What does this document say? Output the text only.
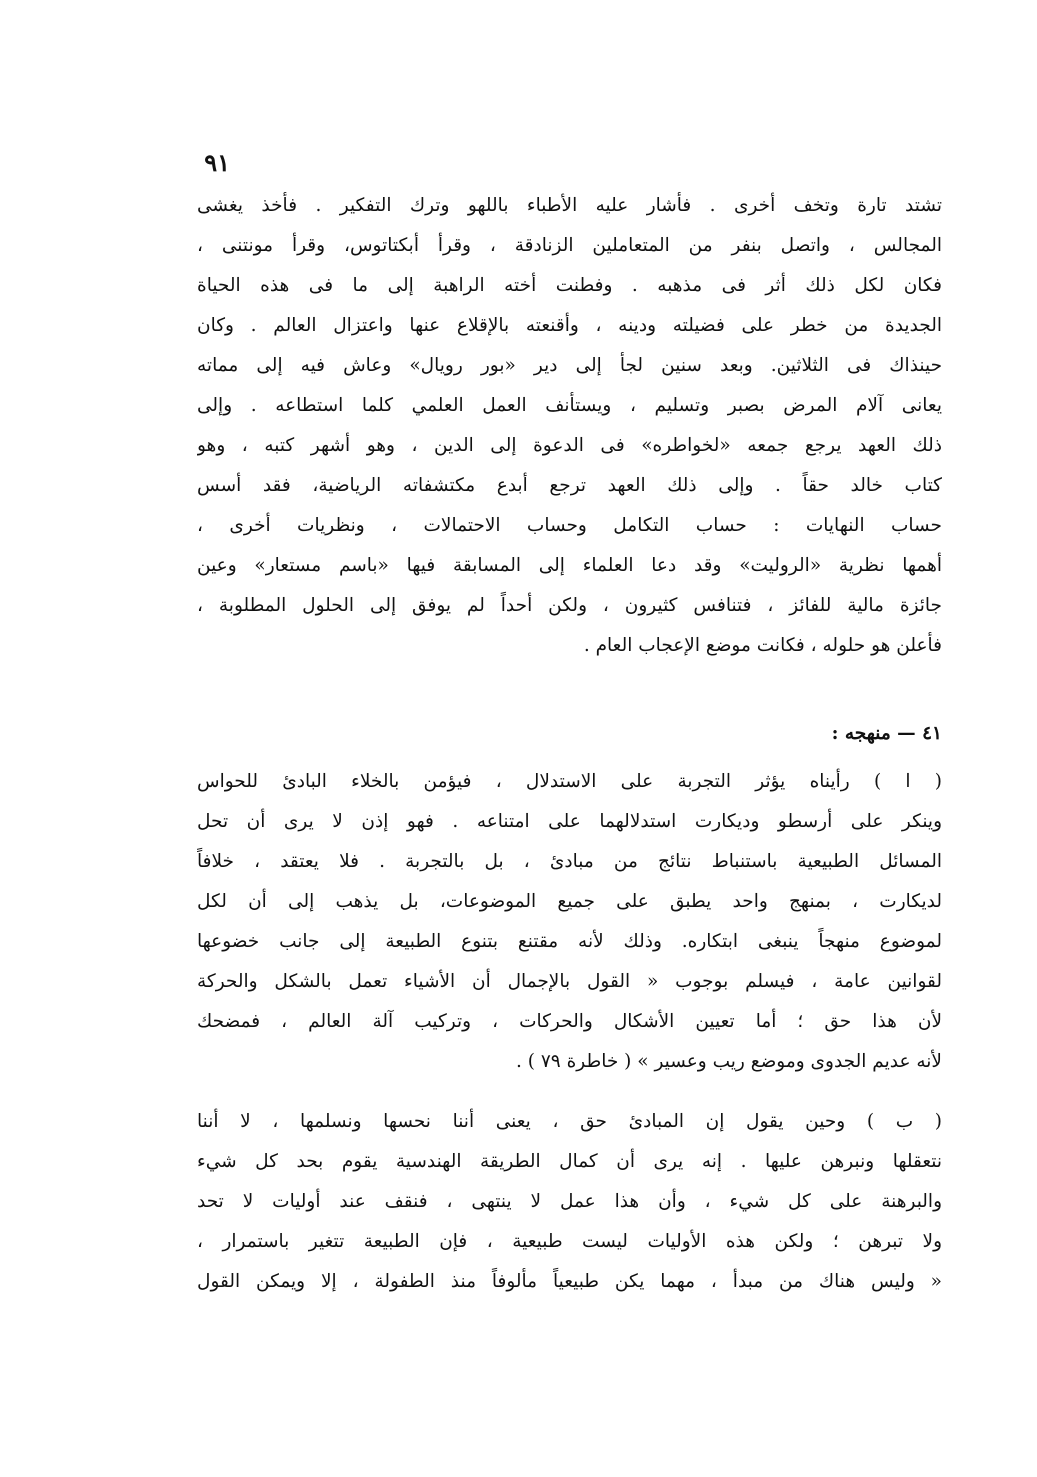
٩١
تشتد تارة وتخف أخرى . فأشار عليه الأطباء باللهو وترك التفكير . فأخذ يغشى
المجالس ، واتصل بنفر من المتعاملين الزنادقة ، وقرأ أبكتاتوس، وقرأ مونتنى ،
فكان لكل ذلك أثر فى مذهبه . وفطنت أخته الراهبة إلى ما فى هذه الحياة
الجديدة من خطر على فضيلته ودينه ، وأقنعته بالإقلاع عنها واعتزال العالم . وكان
حينذاك فى الثلاثين. وبعد سنين لجأ إلى دير «بور رويال» وعاش فيه إلى مماته
يعانى آلام المرض بصبر وتسليم ، ويستأنف العمل العلمي كلما استطاعه . وإلى
ذلك العهد يرجع جمعه «لخواطره» فى الدعوة إلى الدين ، وهو أشهر كتبه ، وهو
كتاب خالد حقاً . وإلى ذلك العهد ترجع أبدع مكتشفاته الرياضية، فقد أسس
حساب النهايات : حساب التكامل وحساب الاحتمالات ، ونظريات أخرى ،
أهمها نظرية «الروليت» وقد دعا العلماء إلى المسابقة فيها «باسم مستعار» وعين
جائزة مالية للفائز ، فتنافس كثيرون ، ولكن أحداً لم يوفق إلى الحلول المطلوبة ،
فأعلن هو حلوله ، فكانت موضع الإعجاب العام .
٤١ — منهجه :
( ا ) رأيناه يؤثر التجربة على الاستدلال ، فيؤمن بالخلاء البادئ للحواس
وينكر على أرسطو وديكارت استدلالهما على امتناعه . فهو إذن لا يرى أن تحل
المسائل الطبيعية باستنباط نتائج من مبادئ ، بل بالتجربة . فلا يعتقد ، خلافاً
لديكارت ، بمنهج واحد يطبق على جميع الموضوعات، بل يذهب إلى أن لكل
لموضوع منهجاً ينبغى ابتكاره. وذلك لأنه مقتنع بتنوع الطبيعة إلى جانب خضوعها
لقوانين عامة ، فيسلم بوجوب « القول بالإجمال أن الأشياء تعمل بالشكل والحركة
لأن هذا حق ؛ أما تعيين الأشكال والحركات ، وتركيب آلة العالم ، فمضحك
لأنه عديم الجدوى وموضع ريب وعسير » ( خاطرة ٧٩ ) .
( ب ) وحين يقول إن المبادئ حق ، يعنى أننا نحسها ونسلمها ، لا أننا
نتعقلها ونبرهن عليها . إنه يرى أن كمال الطريقة الهندسية يقوم بحد كل شيء
والبرهنة على كل شيء ، وأن هذا عمل لا ينتهى ، فنقف عند أوليات لا تحد
ولا تبرهن ؛ ولكن هذه الأوليات ليست طبيعية ، فإن الطبيعة تتغير باستمرار ،
« وليس هناك من مبدأ ، مهما يكن طبيعياً مألوفاً منذ الطفولة ، إلا ويمكن القول
